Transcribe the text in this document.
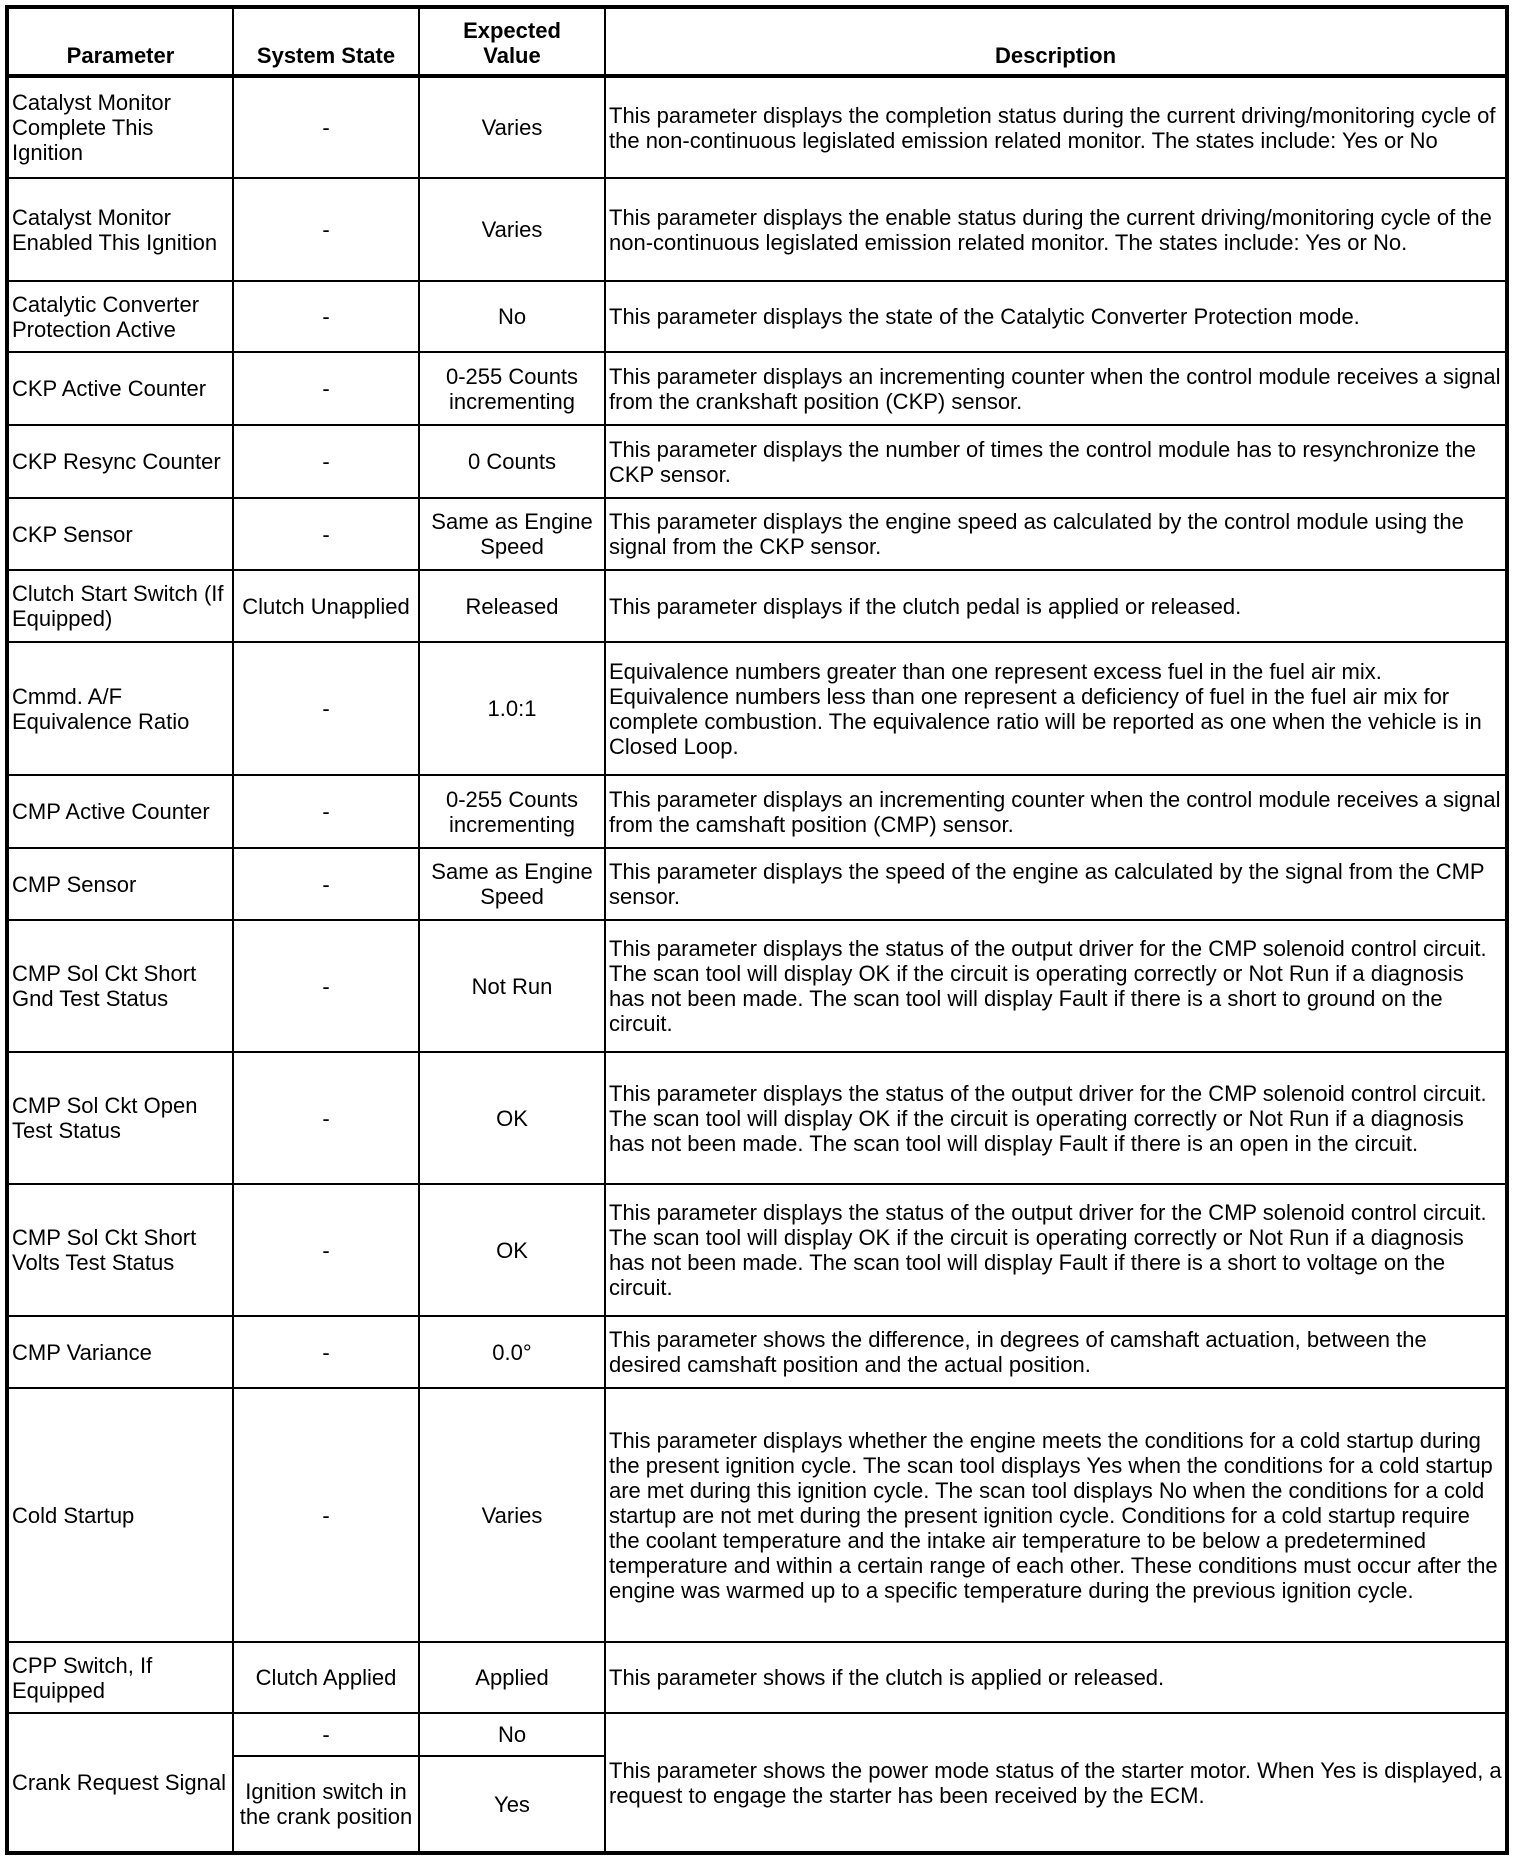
Parameter	System State	Expected Value	Description
Catalyst Monitor Complete This Ignition	-	Varies	This parameter displays the completion status during the current driving/monitoring cycle of the non-continuous legislated emission related monitor. The states include: Yes or No
Catalyst Monitor Enabled This Ignition	-	Varies	This parameter displays the enable status during the current driving/monitoring cycle of the non-continuous legislated emission related monitor. The states include: Yes or No.
Catalytic Converter Protection Active	-	No	This parameter displays the state of the Catalytic Converter Protection mode.
CKP Active Counter	-	0-255 Counts incrementing	This parameter displays an incrementing counter when the control module receives a signal from the crankshaft position (CKP) sensor.
CKP Resync Counter	-	0 Counts	This parameter displays the number of times the control module has to resynchronize the CKP sensor.
CKP Sensor	-	Same as Engine Speed	This parameter displays the engine speed as calculated by the control module using the signal from the CKP sensor.
Clutch Start Switch (If Equipped)	Clutch Unapplied	Released	This parameter displays if the clutch pedal is applied or released.
Cmmd. A/F Equivalence Ratio	-	1.0:1	Equivalence numbers greater than one represent excess fuel in the fuel air mix. Equivalence numbers less than one represent a deficiency of fuel in the fuel air mix for complete combustion. The equivalence ratio will be reported as one when the vehicle is in Closed Loop.
CMP Active Counter	-	0-255 Counts incrementing	This parameter displays an incrementing counter when the control module receives a signal from the camshaft position (CMP) sensor.
CMP Sensor	-	Same as Engine Speed	This parameter displays the speed of the engine as calculated by the signal from the CMP sensor.
CMP Sol Ckt Short Gnd Test Status	-	Not Run	This parameter displays the status of the output driver for the CMP solenoid control circuit. The scan tool will display OK if the circuit is operating correctly or Not Run if a diagnosis has not been made. The scan tool will display Fault if there is a short to ground on the circuit.
CMP Sol Ckt Open Test Status	-	OK	This parameter displays the status of the output driver for the CMP solenoid control circuit. The scan tool will display OK if the circuit is operating correctly or Not Run if a diagnosis has not been made. The scan tool will display Fault if there is an open in the circuit.
CMP Sol Ckt Short Volts Test Status	-	OK	This parameter displays the status of the output driver for the CMP solenoid control circuit. The scan tool will display OK if the circuit is operating correctly or Not Run if a diagnosis has not been made. The scan tool will display Fault if there is a short to voltage on the circuit.
CMP Variance	-	0.0°	This parameter shows the difference, in degrees of camshaft actuation, between the desired camshaft position and the actual position.
Cold Startup	-	Varies	This parameter displays whether the engine meets the conditions for a cold startup during the present ignition cycle. The scan tool displays Yes when the conditions for a cold startup are met during this ignition cycle. The scan tool displays No when the conditions for a cold startup are not met during the present ignition cycle. Conditions for a cold startup require the coolant temperature and the intake air temperature to be below a predetermined temperature and within a certain range of each other. These conditions must occur after the engine was warmed up to a specific temperature during the previous ignition cycle.
CPP Switch, If Equipped	Clutch Applied	Applied	This parameter shows if the clutch is applied or released.
Crank Request Signal	-	No	This parameter shows the power mode status of the starter motor. When Yes is displayed, a request to engage the starter has been received by the ECM.
	Ignition switch in the crank position	Yes	
